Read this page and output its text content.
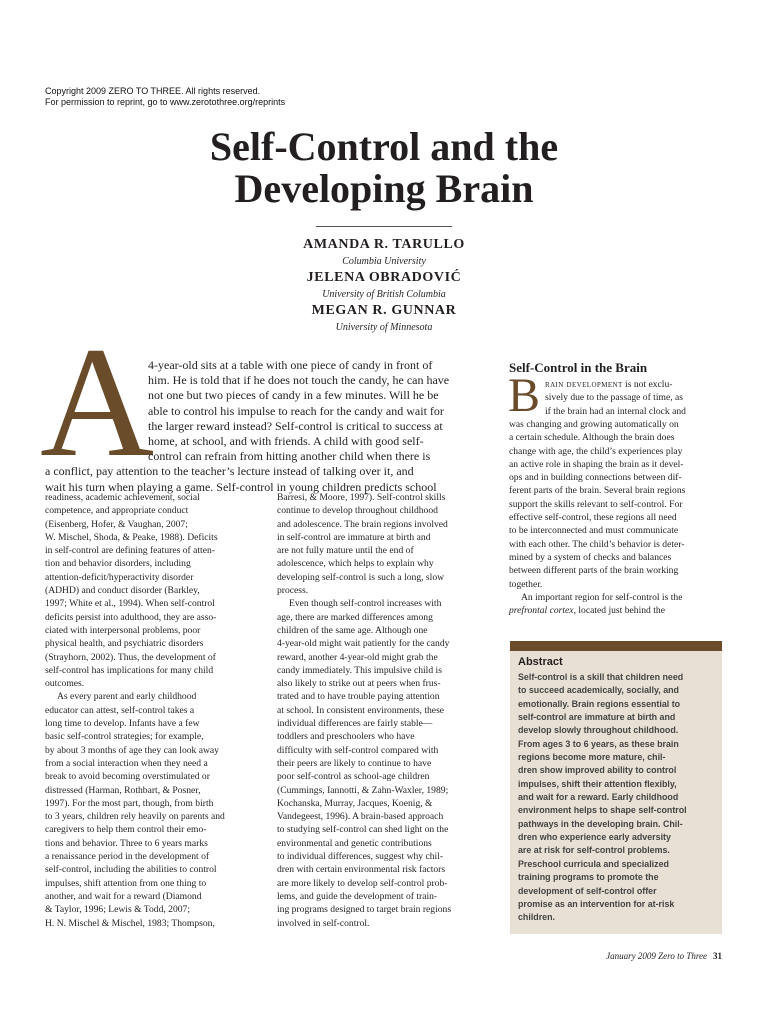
Copyright 2009 ZERO TO THREE. All rights reserved.
For permission to reprint, go to www.zerotothree.org/reprints
Self-Control and the
Developing Brain
AMANDA R. TARULLO
Columbia University
JELENA OBRADOVIĆ
University of British Columbia
MEGAN R. GUNNAR
University of Minnesota
A
4-year-old sits at a table with one piece of candy in front of
him. He is told that if he does not touch the candy, he can have
not one but two pieces of candy in a few minutes. Will he be
able to control his impulse to reach for the candy and wait for
the larger reward instead? Self-control is critical to success at
home, at school, and with friends. A child with good self-
control can refrain from hitting another child when there is
a conflict, pay attention to the teacher’s lecture instead of talking over it, and
wait his turn when playing a game. Self-control in young children predicts school
readiness, academic achievement, social
competence, and appropriate conduct
(Eisenberg, Hofer, & Vaughan, 2007;
W. Mischel, Shoda, & Peake, 1988). Deficits
in self-control are defining features of atten-
tion and behavior disorders, including
attention-deficit/hyperactivity disorder
(ADHD) and conduct disorder (Barkley,
1997; White et al., 1994). When self-control
deficits persist into adulthood, they are asso-
ciated with interpersonal problems, poor
physical health, and psychiatric disorders
(Strayhorn, 2002). Thus, the development of
self-control has implications for many child
outcomes.
As every parent and early childhood
educator can attest, self-control takes a
long time to develop. Infants have a few
basic self-control strategies; for example,
by about 3 months of age they can look away
from a social interaction when they need a
break to avoid becoming overstimulated or
distressed (Harman, Rothbart, & Posner,
1997). For the most part, though, from birth
to 3 years, children rely heavily on parents and
caregivers to help them control their emo-
tions and behavior. Three to 6 years marks
a renaissance period in the development of
self-control, including the abilities to control
impulses, shift attention from one thing to
another, and wait for a reward (Diamond
& Taylor, 1996; Lewis & Todd, 2007;
H. N. Mischel & Mischel, 1983; Thompson,
Barresi, & Moore, 1997). Self-control skills
continue to develop throughout childhood
and adolescence. The brain regions involved
in self-control are immature at birth and
are not fully mature until the end of
adolescence, which helps to explain why
developing self-control is such a long, slow
process.
Even though self-control increases with
age, there are marked differences among
children of the same age. Although one
4-year-old might wait patiently for the candy
reward, another 4-year-old might grab the
candy immediately. This impulsive child is
also likely to strike out at peers when frus-
trated and to have trouble paying attention
at school. In consistent environments, these
individual differences are fairly stable—
toddlers and preschoolers who have
difficulty with self-control compared with
their peers are likely to continue to have
poor self-control as school-age children
(Cummings, Iannotti, & Zahn-Waxler, 1989;
Kochanska, Murray, Jacques, Koenig, &
Vandegeest, 1996). A brain-based approach
to studying self-control can shed light on the
environmental and genetic contributions
to individual differences, suggest why chil-
dren with certain environmental risk factors
are more likely to develop self-control prob-
lems, and guide the development of train-
ing programs designed to target brain regions
involved in self-control.
Self-Control in the Brain
B rain development is not exclu-
sively due to the passage of time, as
if the brain had an internal clock and
was changing and growing automatically on
a certain schedule. Although the brain does
change with age, the child’s experiences play
an active role in shaping the brain as it devel-
ops and in building connections between dif-
ferent parts of the brain. Several brain regions
support the skills relevant to self-control. For
effective self-control, these regions all need
to be interconnected and must communicate
with each other. The child’s behavior is deter-
mined by a system of checks and balances
between different parts of the brain working
together.
An important region for self-control is the
prefrontal cortex, located just behind the
Abstract
Self-control is a skill that children need
to succeed academically, socially, and
emotionally. Brain regions essential to
self-control are immature at birth and
develop slowly throughout childhood.
From ages 3 to 6 years, as these brain
regions become more mature, chil-
dren show improved ability to control
impulses, shift their attention flexibly,
and wait for a reward. Early childhood
environment helps to shape self-control
pathways in the developing brain. Chil-
dren who experience early adversity
are at risk for self-control problems.
Preschool curricula and specialized
training programs to promote the
development of self-control offer
promise as an intervention for at-risk
children.
January 2009 Zero to Three 31
